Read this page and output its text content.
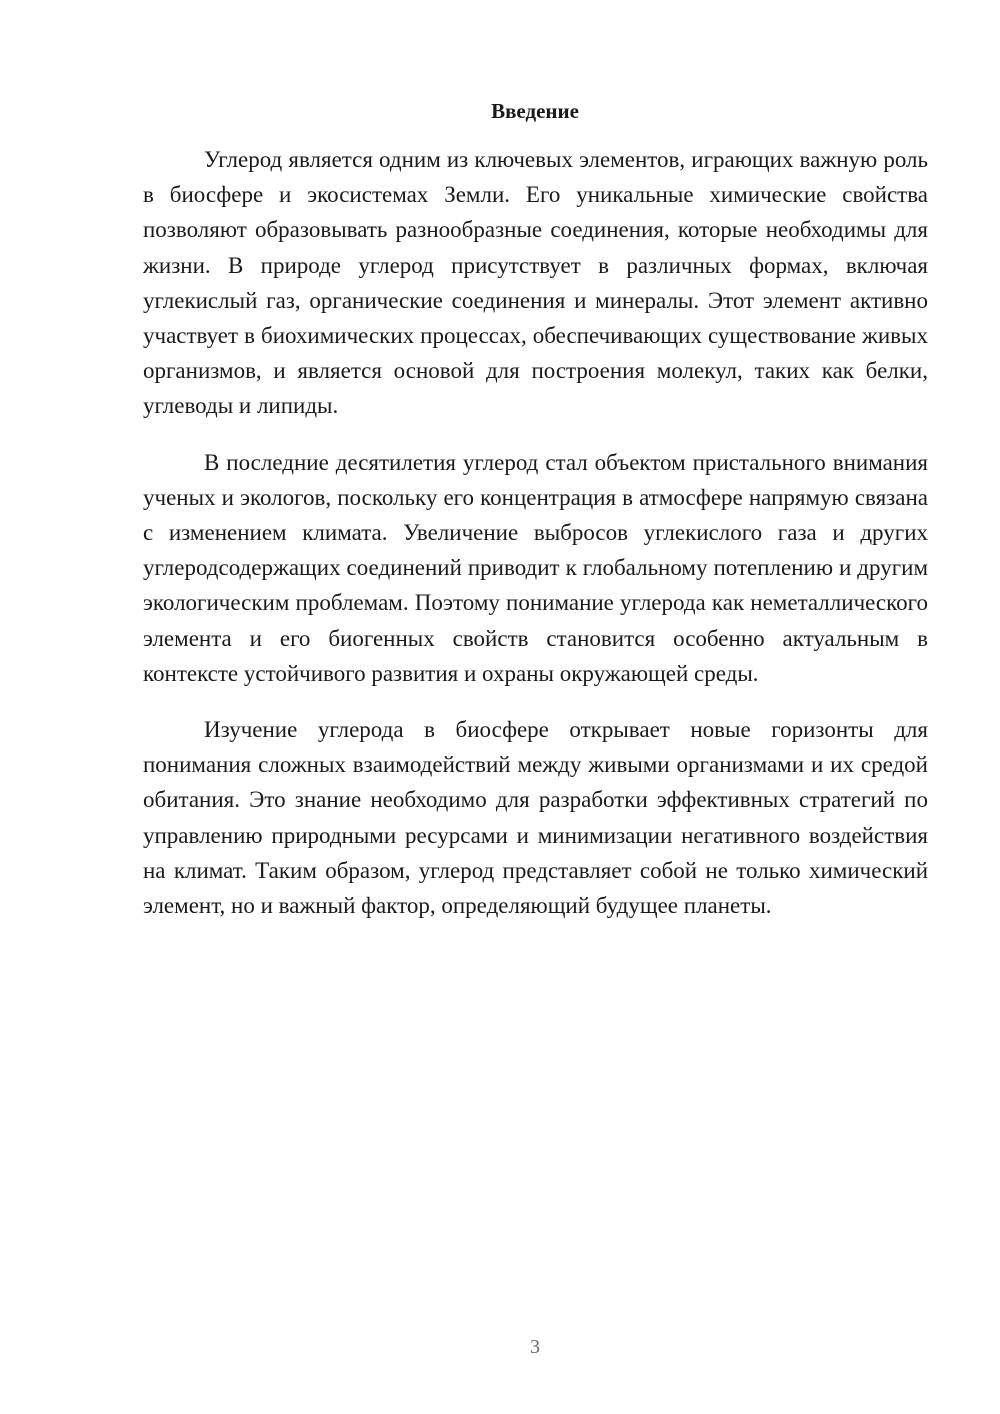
Введение

Углерод является одним из ключевых элементов, играющих важную роль в биосфере и экосистемах Земли. Его уникальные химические свойства позволяют образовывать разнообразные соединения, которые необходимы для жизни. В природе углерод присутствует в различных формах, включая углекислый газ, органические соединения и минералы. Этот элемент активно участвует в биохимических процессах, обеспечивающих существование живых организмов, и является основой для построения молекул, таких как белки, углеводы и липиды.

В последние десятилетия углерод стал объектом пристального внимания ученых и экологов, поскольку его концентрация в атмосфере напрямую связана с изменением климата. Увеличение выбросов углекислого газа и других углеродсодержащих соединений приводит к глобальному потеплению и другим экологическим проблемам. Поэтому понимание углерода как неметаллического элемента и его биогенных свойств становится особенно актуальным в контексте устойчивого развития и охраны окружающей среды.

Изучение углерода в биосфере открывает новые горизонты для понимания сложных взаимодействий между живыми организмами и их средой обитания. Это знание необходимо для разработки эффективных стратегий по управлению природными ресурсами и минимизации негативного воздействия на климат. Таким образом, углерод представляет собой не только химический элемент, но и важный фактор, определяющий будущее планеты.

3
